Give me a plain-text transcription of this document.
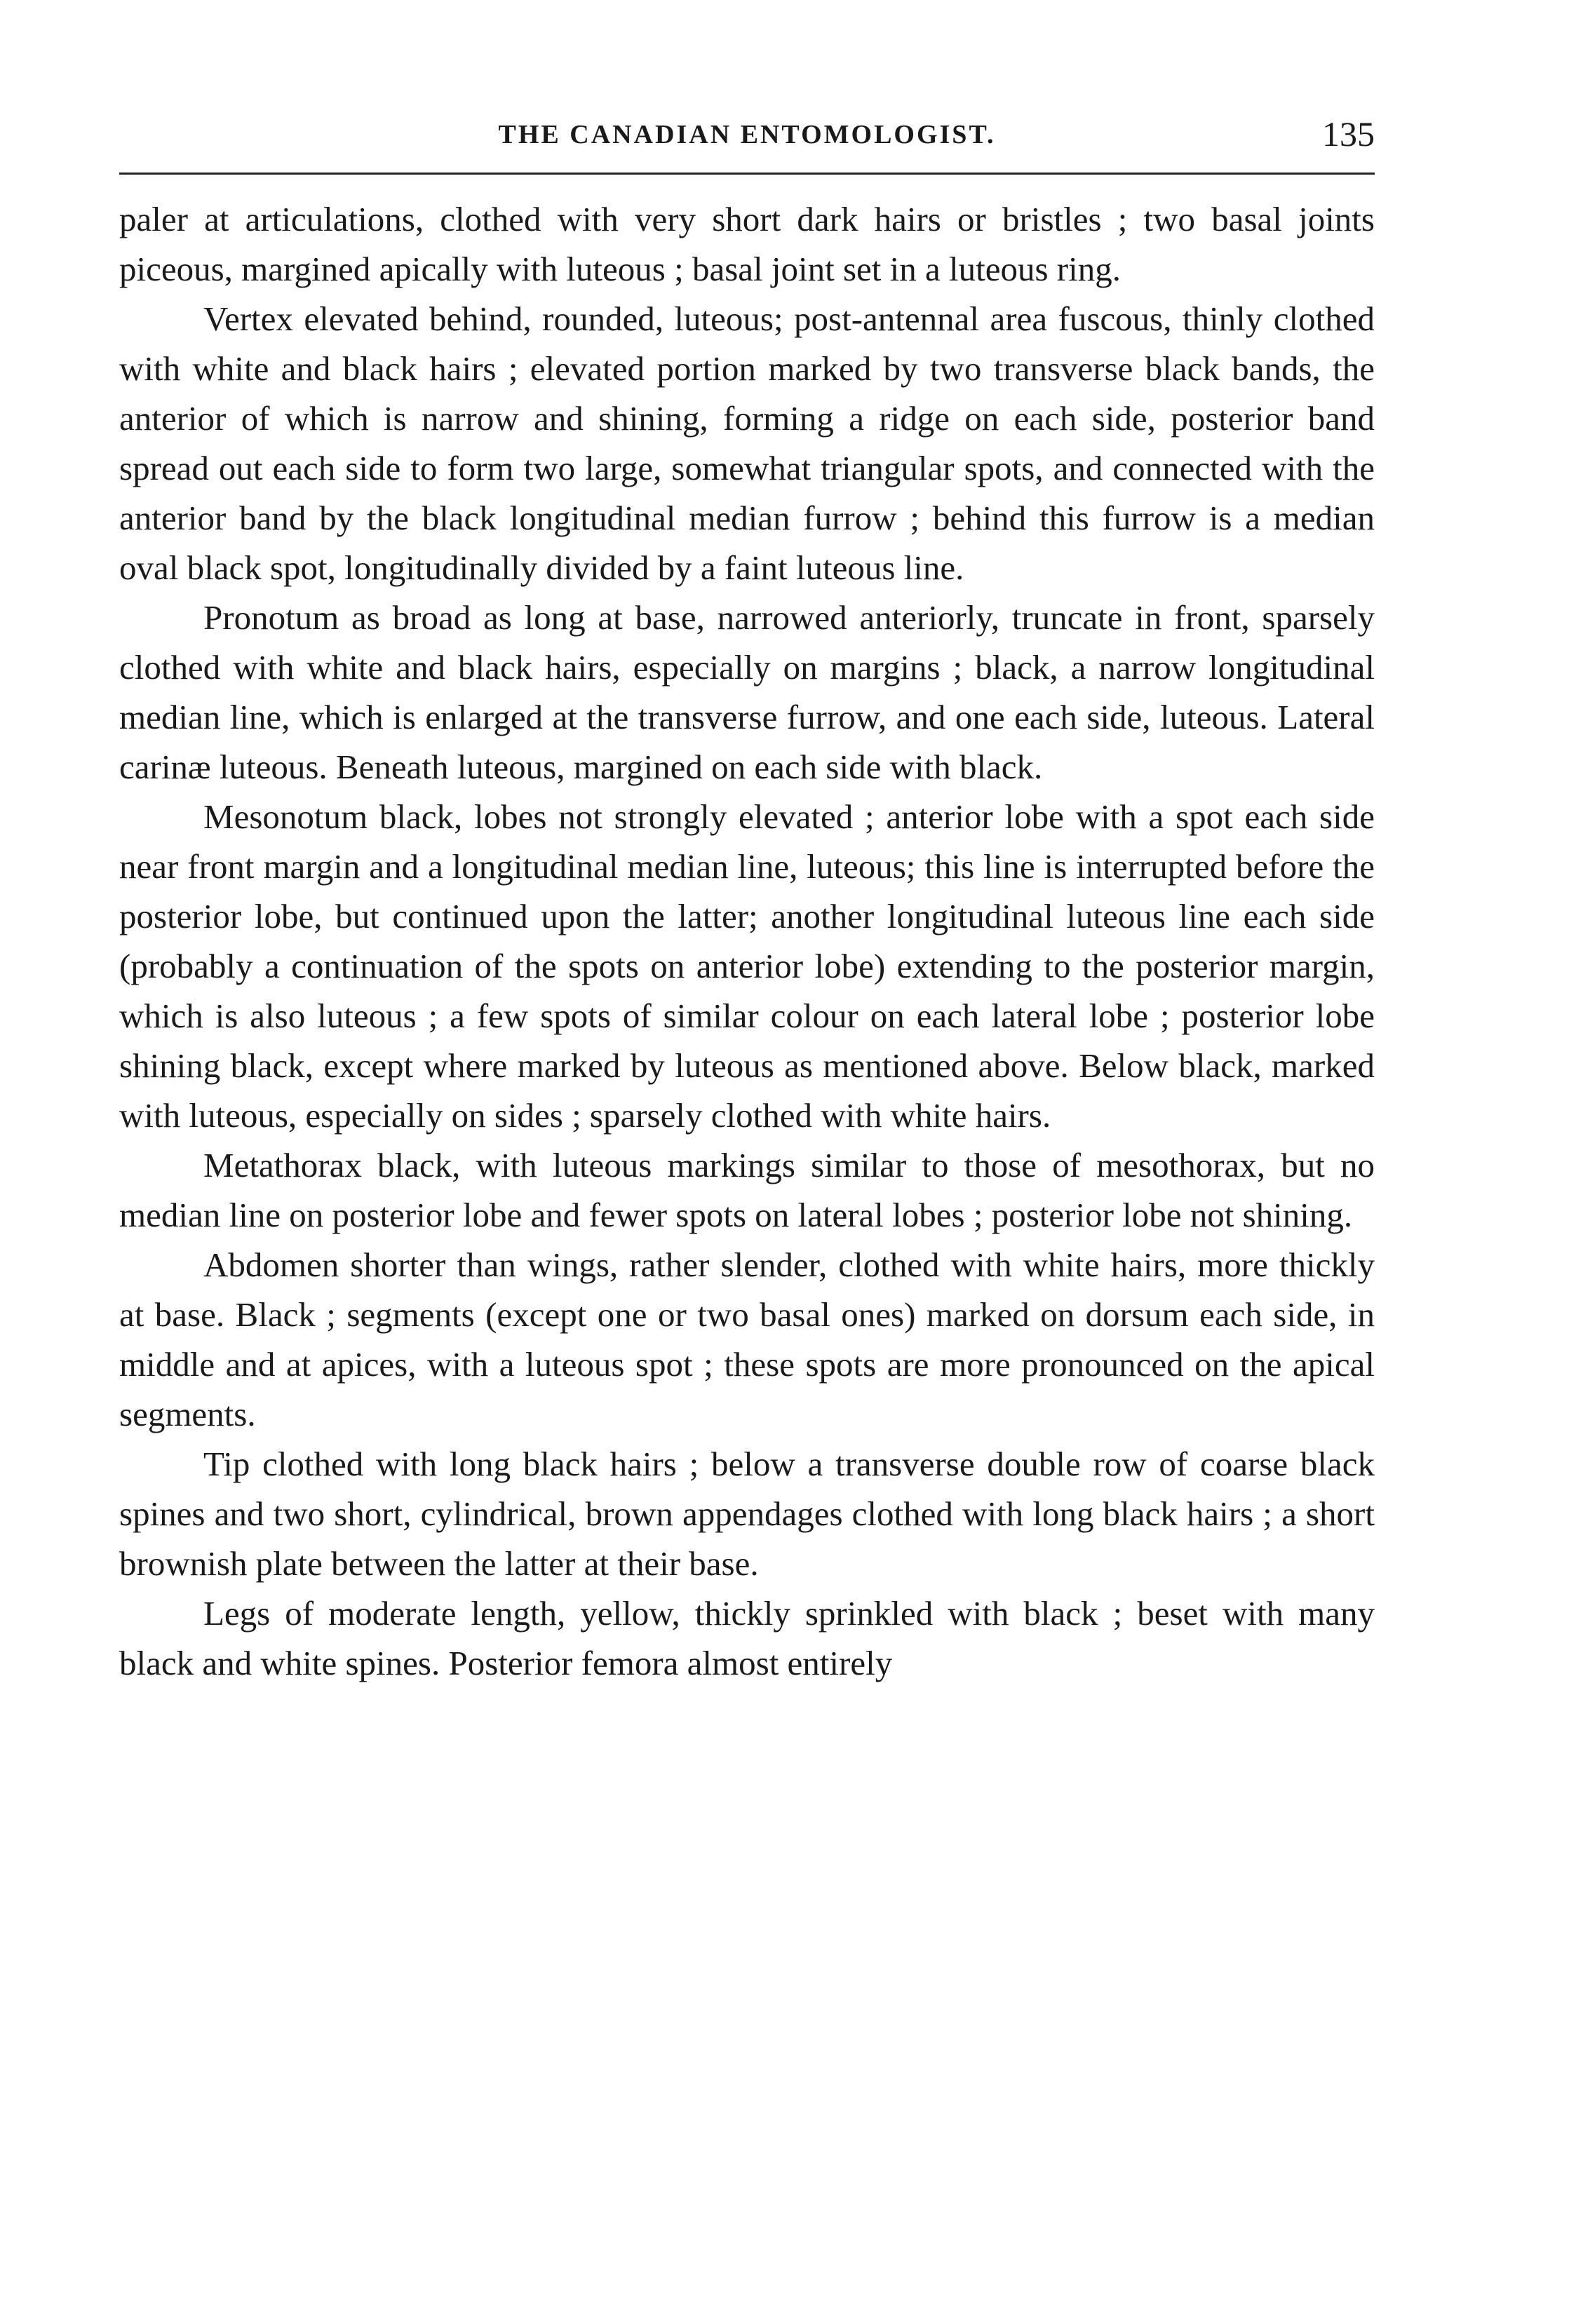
THE CANADIAN ENTOMOLOGIST.	135

paler at articulations, clothed with very short dark hairs or bristles ; two basal joints piceous, margined apically with luteous ; basal joint set in a luteous ring.

Vertex elevated behind, rounded, luteous; post-antennal area fuscous, thinly clothed with white and black hairs ; elevated portion marked by two transverse black bands, the anterior of which is narrow and shining, forming a ridge on each side, posterior band spread out each side to form two large, somewhat triangular spots, and connected with the anterior band by the black longitudinal median furrow ; behind this furrow is a median oval black spot, longitudinally divided by a faint luteous line.

Pronotum as broad as long at base, narrowed anteriorly, truncate in front, sparsely clothed with white and black hairs, especially on margins ; black, a narrow longitudinal median line, which is enlarged at the transverse furrow, and one each side, luteous. Lateral carinæ luteous. Beneath luteous, margined on each side with black.

Mesonotum black, lobes not strongly elevated ; anterior lobe with a spot each side near front margin and a longitudinal median line, luteous; this line is interrupted before the posterior lobe, but continued upon the latter; another longitudinal luteous line each side (probably a continuation of the spots on anterior lobe) extending to the posterior margin, which is also luteous ; a few spots of similar colour on each lateral lobe ; posterior lobe shining black, except where marked by luteous as mentioned above. Below black, marked with luteous, especially on sides ; sparsely clothed with white hairs.

Metathorax black, with luteous markings similar to those of mesothorax, but no median line on posterior lobe and fewer spots on lateral lobes ; posterior lobe not shining.

Abdomen shorter than wings, rather slender, clothed with white hairs, more thickly at base. Black ; segments (except one or two basal ones) marked on dorsum each side, in middle and at apices, with a luteous spot ; these spots are more pronounced on the apical segments.

Tip clothed with long black hairs ; below a transverse double row of coarse black spines and two short, cylindrical, brown appendages clothed with long black hairs ; a short brownish plate between the latter at their base.

Legs of moderate length, yellow, thickly sprinkled with black ; beset with many black and white spines. Posterior femora almost entirely
